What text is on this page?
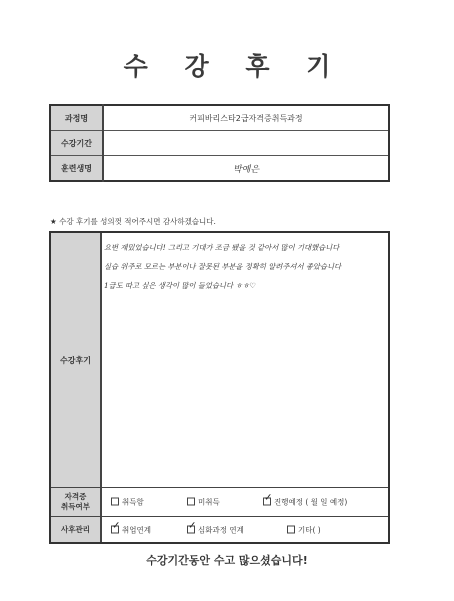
수 강 후 기
과정명	커피바리스타2급자격증취득과정
수강기간	
훈련생명	박예은
★ 수강 후기를 성의껏 적어주시면 감사하겠습니다.
수강후기
요번 재밌었습니다! 그리고 기대가 조금 됐을 것 같아서 많이 기대했습니다
실습 위주로 모르는 부분이나 잘못된 부분을 정확히 알려주셔서 좋았습니다
1급도 따고 싶은 생각이 많이 들었습니다 ㅎㅎ♡
자격증
취득여부	취득함	미취득	✓ 진행예정 ( 월 일 예정)
사후관리	✓ 취업연계	✓ 심화과정 연계	기타( )
수강기간동안 수고 많으셨습니다!
